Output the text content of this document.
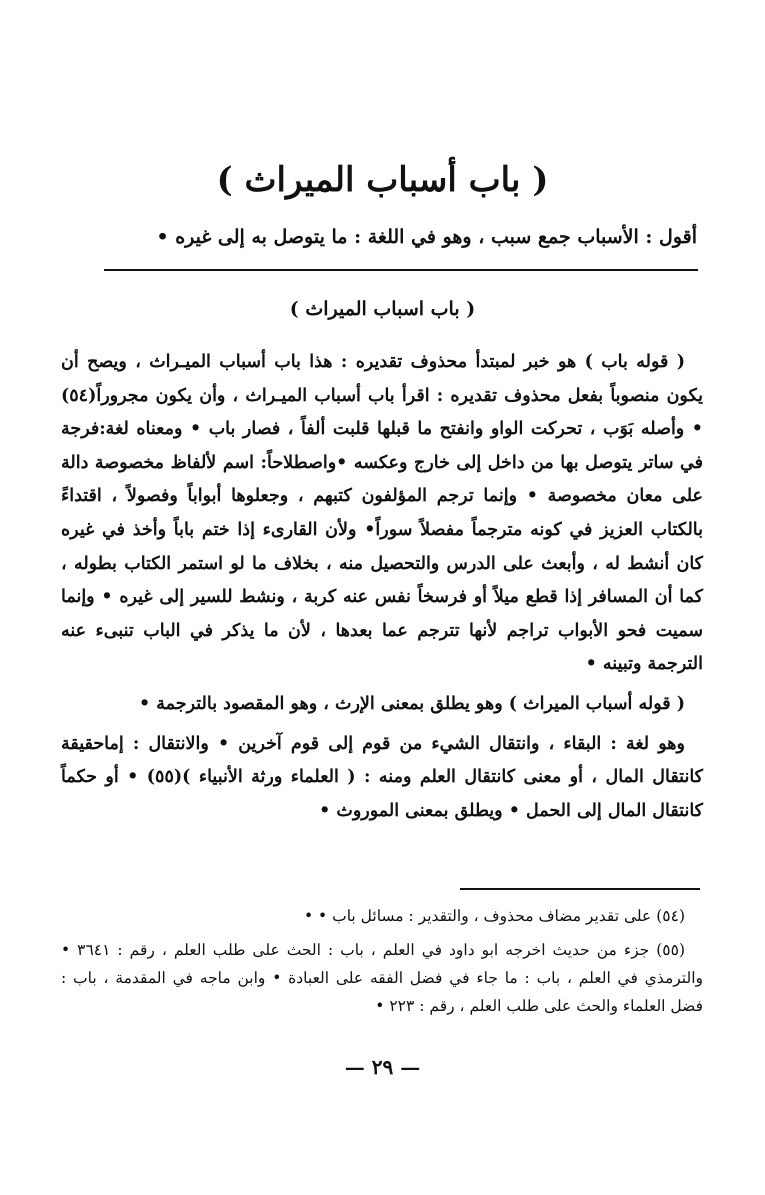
( باب أسباب الميراث )
أقول : الأسباب جمع سبب ، وهو في اللغة : ما يتوصل به إلى غيره •
( باب اسباب الميراث )

( قوله باب ) هو خبر لمبتدأ محذوف تقديره : هذا باب أسباب الميـراث ، ويصح أن يكون منصوباً بفعل محذوف تقديره : اقرأ باب أسباب الميـراث ، وأن يكون مجروراً(٥٤) • وأصله بَوَب ، تحركت الواو وانفتح ما قبلها قلبت ألفاً ، فصار باب • ومعناه لغة:فرجة في ساتر يتوصل بها من داخل إلى خارج وعكسه •واصطلاحاً: اسم لألفاظ مخصوصة دالة على معان مخصوصة • وإنما ترجم المؤلفون كتبهم ، وجعلوها أبواباً وفصولاً ، اقتداءً بالكتاب العزيز في كونه مترجماً مفصلاً سوراً• ولأن القارىء إذا ختم باباً وأخذ في غيره كان أنشط له ، وأبعث على الدرس والتحصيل منه ، بخلاف ما لو استمر الكتاب بطوله ، كما أن المسافر إذا قطع ميلاً أو فرسخاً نفس عنه كربة ، ونشط للسير إلى غيره • وإنما سميت فحو الأبواب تراجم لأنها تترجم عما بعدها ، لأن ما يذكر في الباب تنبىء عنه الترجمة وتبينه •

( قوله أسباب الميراث ) وهو يطلق بمعنى الإرث ، وهو المقصود بالترجمة •

وهو لغة : البقاء ، وانتقال الشيء من قوم إلى قوم آخرين • والانتقال : إماحقيقة كانتقال المال ، أو معنى كانتقال العلم ومنه : ( العلماء ورثة الأنبياء )(٥٥) • أو حكماً كانتقال المال إلى الحمل • ويطلق بمعنى الموروث •

(٥٤) على تقدير مضاف محذوف ، والتقدير : مسائل باب • •

(٥٥) جزء من حديث اخرجه ابو داود في العلم ، باب : الحث على طلب العلم ، رقم : ٣٦٤١ • والترمذي في العلم ، باب : ما جاء في فضل الفقه على العبادة • وابن ماجه في المقدمة ، باب : فضل العلماء والحث على طلب العلم ، رقم : ٢٢٣ •

— ٢٩ —
